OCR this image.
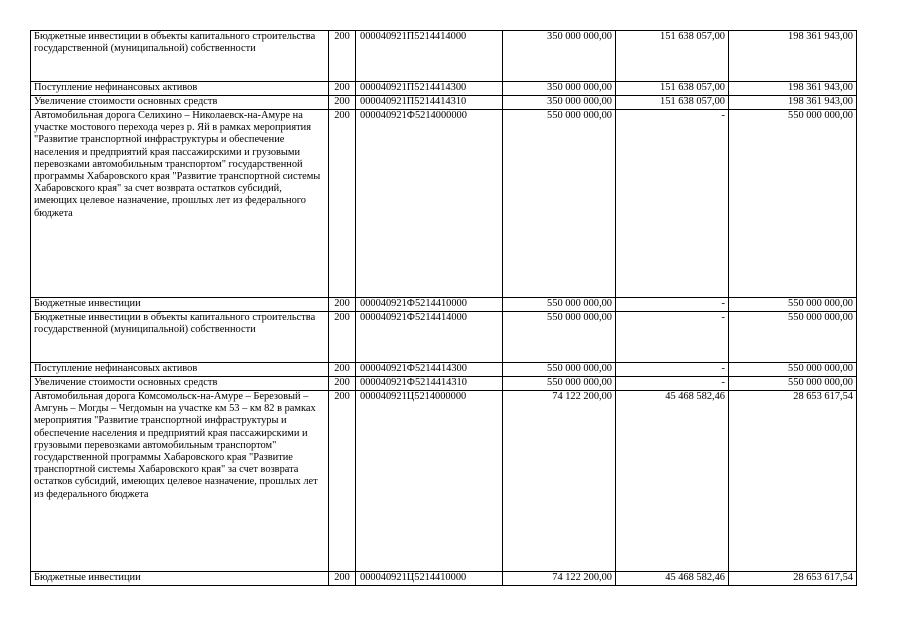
Бюджетные инвестиции в объекты капитального строительства государственной (муниципальной) собственности	200	000040921П5214414000	350 000 000,00	151 638 057,00	198 361 943,00
Поступление нефинансовых активов	200	000040921П5214414300	350 000 000,00	151 638 057,00	198 361 943,00
Увеличение стоимости основных средств	200	000040921П5214414310	350 000 000,00	151 638 057,00	198 361 943,00
Автомобильная дорога Селихино – Николаевск-на-Амуре на участке мостового перехода через р. Яй в рамках мероприятия "Развитие транспортной инфраструктуры и обеспечение населения и предприятий края пассажирскими и грузовыми перевозками автомобильным транспортом" государственной программы Хабаровского края "Развитие транспортной системы Хабаровского края" за счет возврата остатков субсидий, имеющих целевое назначение, прошлых лет из федерального бюджета	200	000040921Ф5214000000	550 000 000,00	-	550 000 000,00
Бюджетные инвестиции	200	000040921Ф5214410000	550 000 000,00	-	550 000 000,00
Бюджетные инвестиции в объекты капитального строительства государственной (муниципальной) собственности	200	000040921Ф5214414000	550 000 000,00	-	550 000 000,00
Поступление нефинансовых активов	200	000040921Ф5214414300	550 000 000,00	-	550 000 000,00
Увеличение стоимости основных средств	200	000040921Ф5214414310	550 000 000,00	-	550 000 000,00
Автомобильная дорога Комсомольск-на-Амуре – Березовый – Амгунь – Могды – Чегдомын на участке км 53 – км 82 в рамках мероприятия "Развитие транспортной инфраструктуры и обеспечение населения и предприятий края пассажирскими и грузовыми перевозками автомобильным транспортом" государственной программы Хабаровского края "Развитие транспортной системы Хабаровского края" за счет возврата остатков субсидий, имеющих целевое назначение, прошлых лет из федерального бюджета	200	000040921Ц5214000000	74 122 200,00	45 468 582,46	28 653 617,54
Бюджетные инвестиции	200	000040921Ц5214410000	74 122 200,00	45 468 582,46	28 653 617,54
